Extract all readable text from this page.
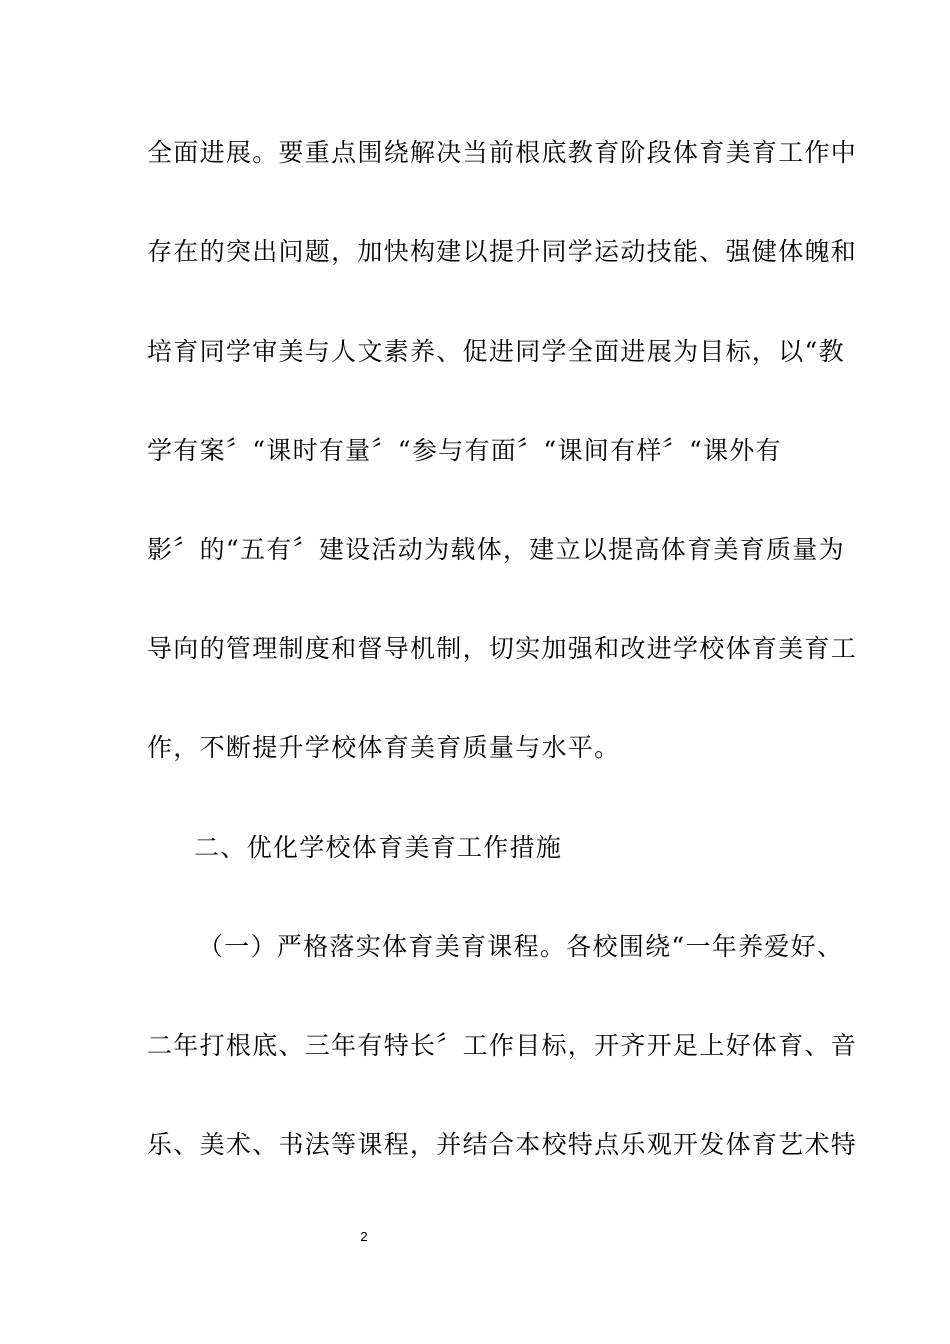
全面进展。要重点围绕解决当前根底教育阶段体育美育工作中
存在的突出问题，加快构建以提升同学运动技能、强健体魄和
培育同学审美与人文素养、促进同学全面进展为目标，以“教
学有案〞“课时有量〞“参与有面〞“课间有样〞“课外有
影〞的“五有〞建设活动为载体，建立以提高体育美育质量为
导向的管理制度和督导机制，切实加强和改进学校体育美育工
作，不断提升学校体育美育质量与水平。
二、优化学校体育美育工作措施
（一）严格落实体育美育课程。各校围绕“一年养爱好、
二年打根底、三年有特长〞工作目标，开齐开足上好体育、音
乐、美术、书法等课程，并结合本校特点乐观开发体育艺术特
2
